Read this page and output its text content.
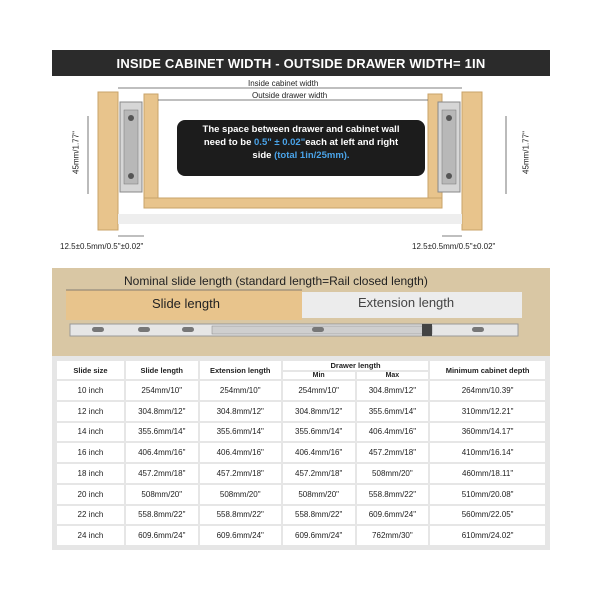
INSIDE CABINET WIDTH - OUTSIDE DRAWER WIDTH= 1IN
Inside cabinet width
Outside drawer width
45mm/1.77"	45mm/1.77"
12.5±0.5mm/0.5"±0.02"	12.5±0.5mm/0.5"±0.02"
The space between drawer and cabinet wall
need to be 0.5" ± 0.02"each at left and right
side (total 1in/25mm).
Nominal slide length (standard length=Rail closed length)
Slide length	Extension length
Slide size	Slide length	Extension length	Drawer length		Minimum cabinet depth
			Min	Max	
10 inch	254mm/10"	254mm/10"	254mm/10"	304.8mm/12"	264mm/10.39"
12 inch	304.8mm/12"	304.8mm/12"	304.8mm/12"	355.6mm/14"	310mm/12.21"
14 inch	355.6mm/14"	355.6mm/14"	355.6mm/14"	406.4mm/16"	360mm/14.17"
16 inch	406.4mm/16"	406.4mm/16"	406.4mm/16"	457.2mm/18"	410mm/16.14"
18 inch	457.2mm/18"	457.2mm/18"	457.2mm/18"	508mm/20"	460mm/18.11"
20 inch	508mm/20"	508mm/20"	508mm/20"	558.8mm/22"	510mm/20.08"
22 inch	558.8mm/22"	558.8mm/22"	558.8mm/22"	609.6mm/24"	560mm/22.05"
24 inch	609.6mm/24"	609.6mm/24"	609.6mm/24"	762mm/30"	610mm/24.02"
